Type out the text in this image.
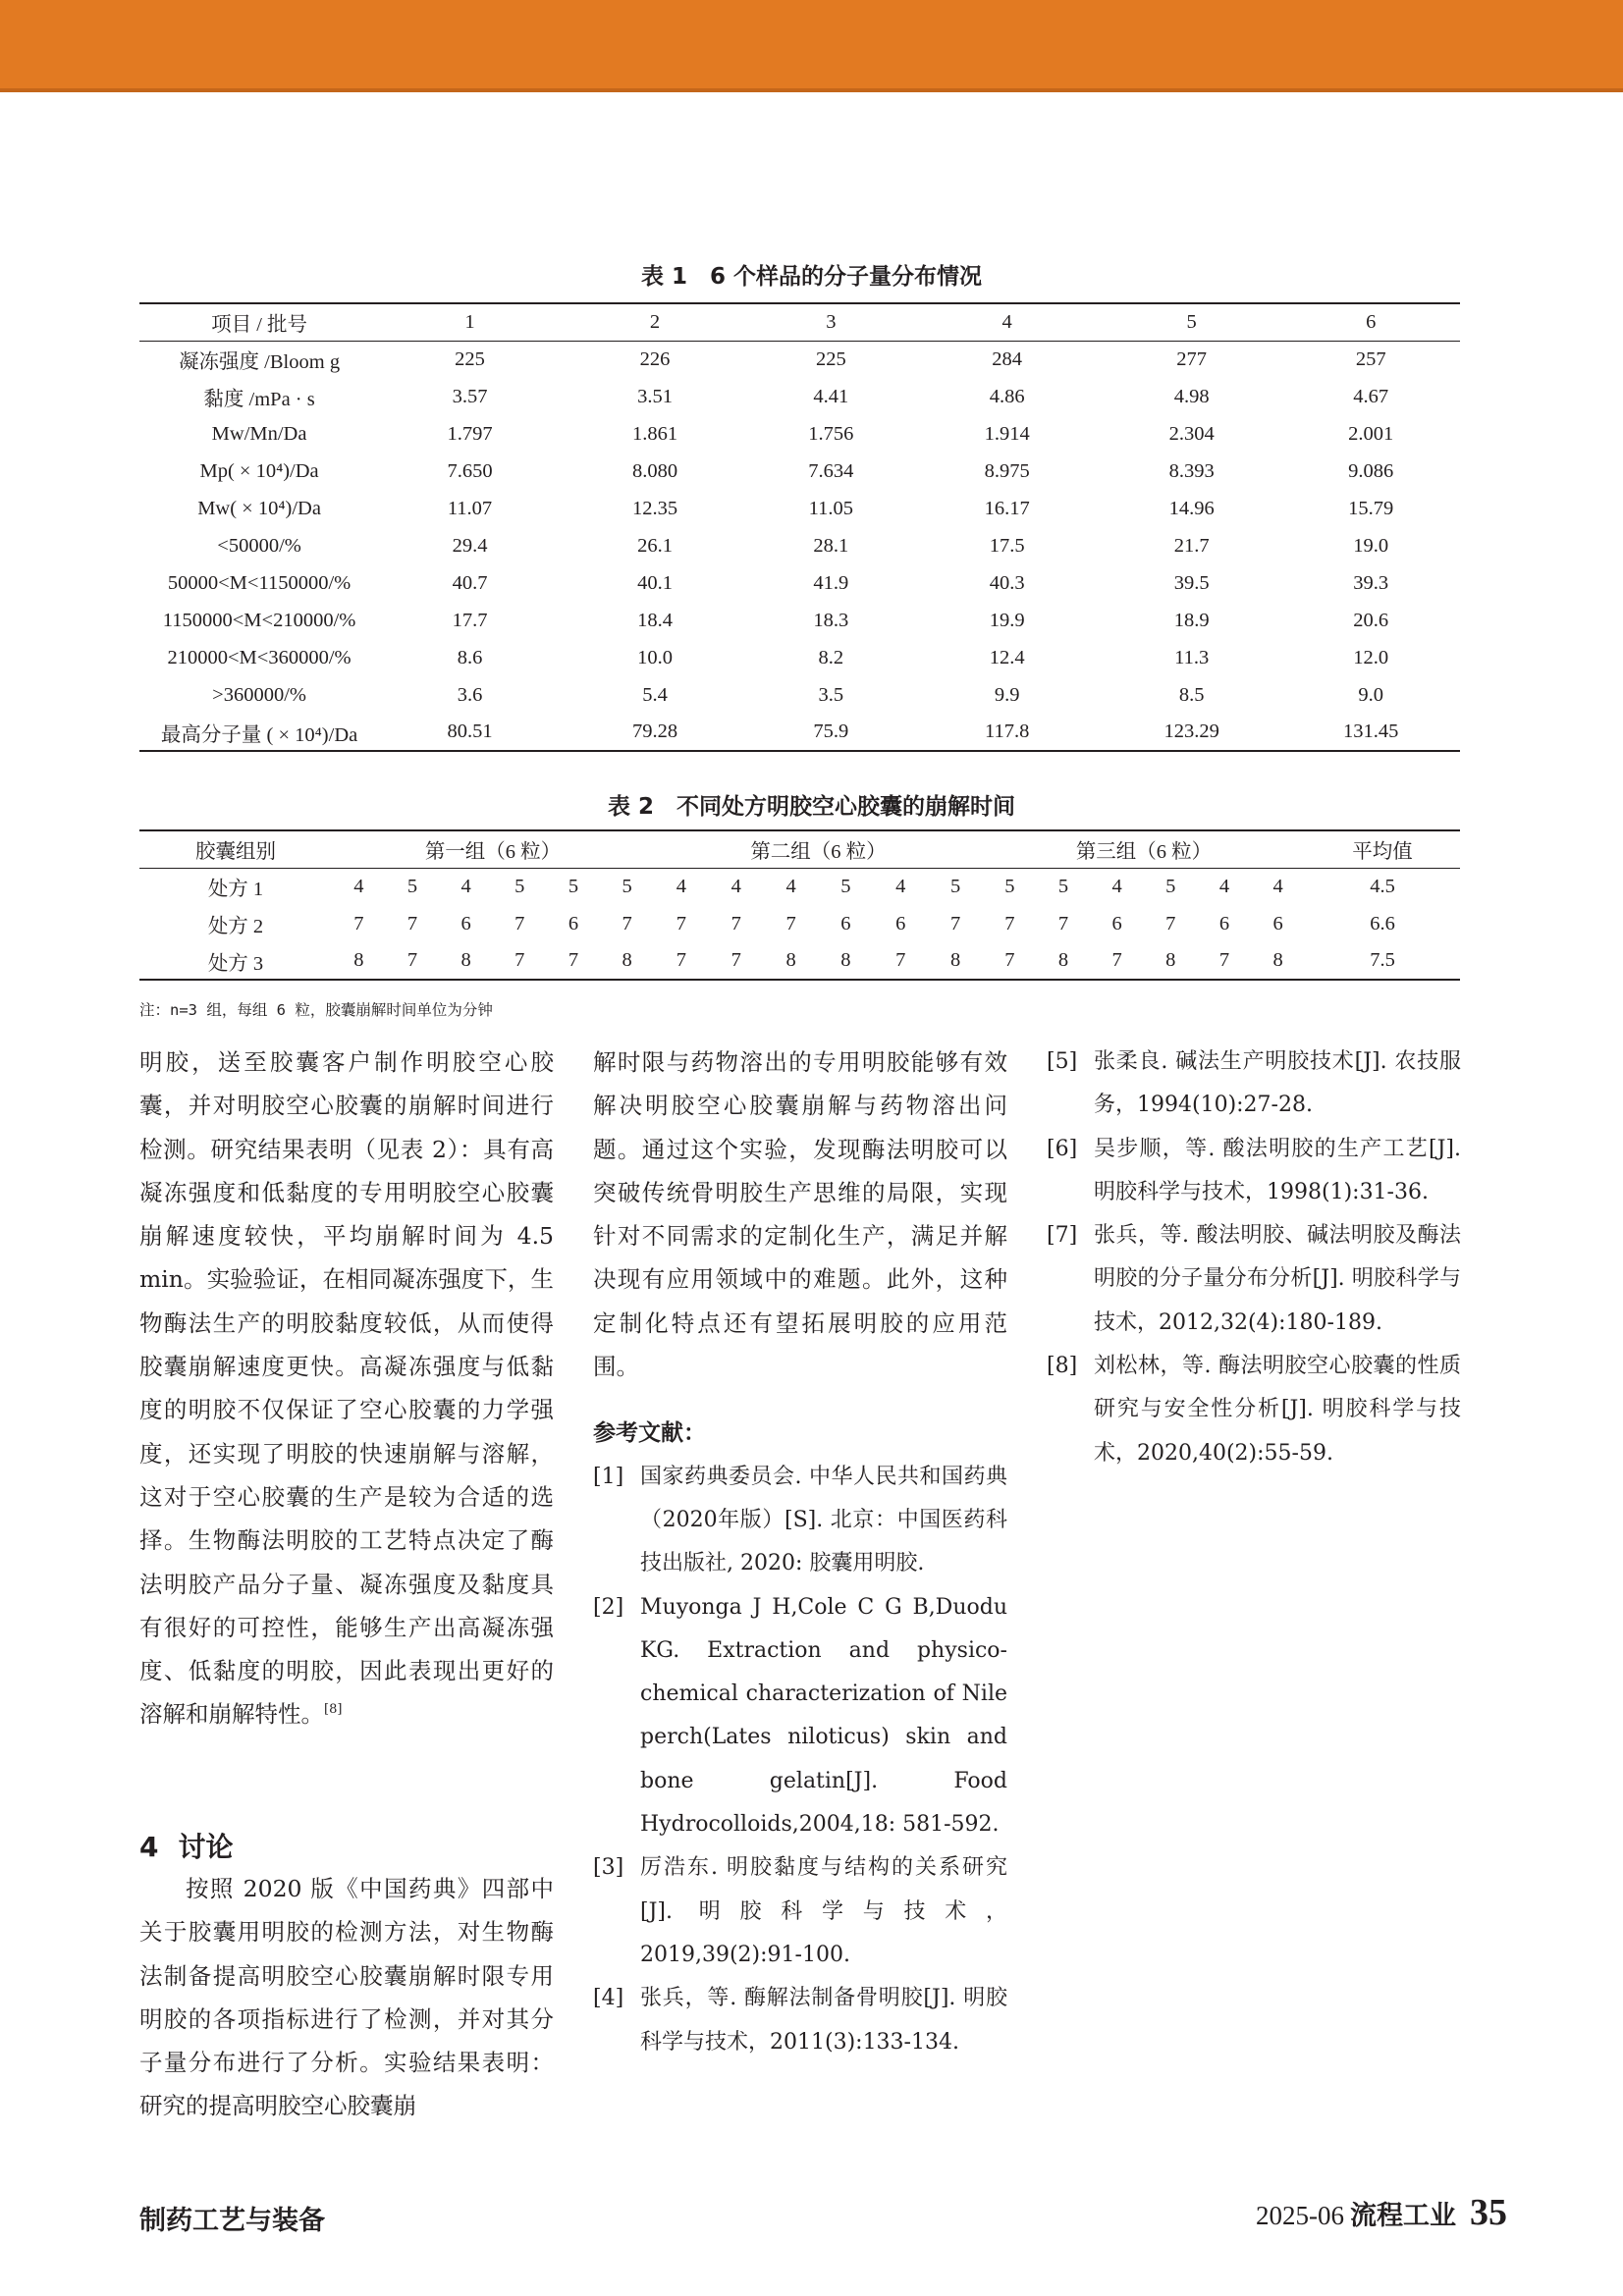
表 1　6 个样品的分子量分布情况
项目 / 批号	1	2	3	4	5	6
凝冻强度 /Bloom g	225	226	225	284	277	257
黏度 /mPa · s	3.57	3.51	4.41	4.86	4.98	4.67
Mw/Mn/Da	1.797	1.861	1.756	1.914	2.304	2.001
Mp( × 10⁴)/Da	7.650	8.080	7.634	8.975	8.393	9.086
Mw( × 10⁴)/Da	11.07	12.35	11.05	16.17	14.96	15.79
<50000/%	29.4	26.1	28.1	17.5	21.7	19.0
50000<M<1150000/%	40.7	40.1	41.9	40.3	39.5	39.3
1150000<M<210000/%	17.7	18.4	18.3	19.9	18.9	20.6
210000<M<360000/%	8.6	10.0	8.2	12.4	11.3	12.0
>360000/%	3.6	5.4	3.5	9.9	8.5	9.0
最高分子量 ( × 10⁴)/Da	80.51	79.28	75.9	117.8	123.29	131.45
表 2　不同处方明胶空心胶囊的崩解时间
胶囊组别	第一组（6 粒）						第二组（6 粒）						第三组（6 粒）						平均值
处方 1	4	5	4	5	5	5	4	4	4	5	4	5	5	5	4	5	4	4	4.5
处方 2	7	7	6	7	6	7	7	7	7	6	6	7	7	7	6	7	6	6	6.6
处方 3	8	7	8	7	7	8	7	7	8	8	7	8	7	8	7	8	7	8	7.5
注：n=3 组，每组 6 粒，胶囊崩解时间单位为分钟

明胶，送至胶囊客户制作明胶空心胶囊，并对明胶空心胶囊的崩解时间进行检测。研究结果表明（见表 2）：具有高凝冻强度和低黏度的专用明胶空心胶囊崩解速度较快，平均崩解时间为 4.5 min。实验验证，在相同凝冻强度下，生物酶法生产的明胶黏度较低，从而使得胶囊崩解速度更快。高凝冻强度与低黏度的明胶不仅保证了空心胶囊的力学强度，还实现了明胶的快速崩解与溶解，这对于空心胶囊的生产是较为合适的选择。生物酶法明胶的工艺特点决定了酶法明胶产品分子量、凝冻强度及黏度具有很好的可控性，能够生产出高凝冻强度、低黏度的明胶，因此表现出更好的溶解和崩解特性。[8]

4 讨论

按照 2020 版《中国药典》四部中关于胶囊用明胶的检测方法，对生物酶法制备提高明胶空心胶囊崩解时限专用明胶的各项指标进行了检测，并对其分子量分布进行了分析。实验结果表明：研究的提高明胶空心胶囊崩

解时限与药物溶出的专用明胶能够有效解决明胶空心胶囊崩解与药物溶出问题。通过这个实验，发现酶法明胶可以突破传统骨明胶生产思维的局限，实现针对不同需求的定制化生产，满足并解决现有应用领域中的难题。此外，这种定制化特点还有望拓展明胶的应用范围。

参考文献：
[1] 国家药典委员会. 中华人民共和国药典（2020年版）[S]. 北京：中国医药科技出版社, 2020: 胶囊用明胶.
[2] Muyonga J H,Cole C G B,Duodu KG. Extraction and physico-chemical characterization of Nile perch(Lates niloticus) skin and bone gelatin[J]. Food Hydrocolloids,2004,18: 581-592.
[3] 厉浩东. 明胶黏度与结构的关系研究[J]. 明胶科学与技术，2019,39(2):91-100.
[4] 张兵，等. 酶解法制备骨明胶[J]. 明胶科学与技术，2011(3):133-134.
[5] 张柔良. 碱法生产明胶技术[J]. 农技服务，1994(10):27-28.
[6] 吴步顺，等. 酸法明胶的生产工艺[J]. 明胶科学与技术，1998(1):31-36.
[7] 张兵，等. 酸法明胶、碱法明胶及酶法明胶的分子量分布分析[J]. 明胶科学与技术，2012,32(4):180-189.
[8] 刘松林，等. 酶法明胶空心胶囊的性质研究与安全性分析[J]. 明胶科学与技术，2020,40(2):55-59.
制药工艺与装备	2025-06 流程工业 35
